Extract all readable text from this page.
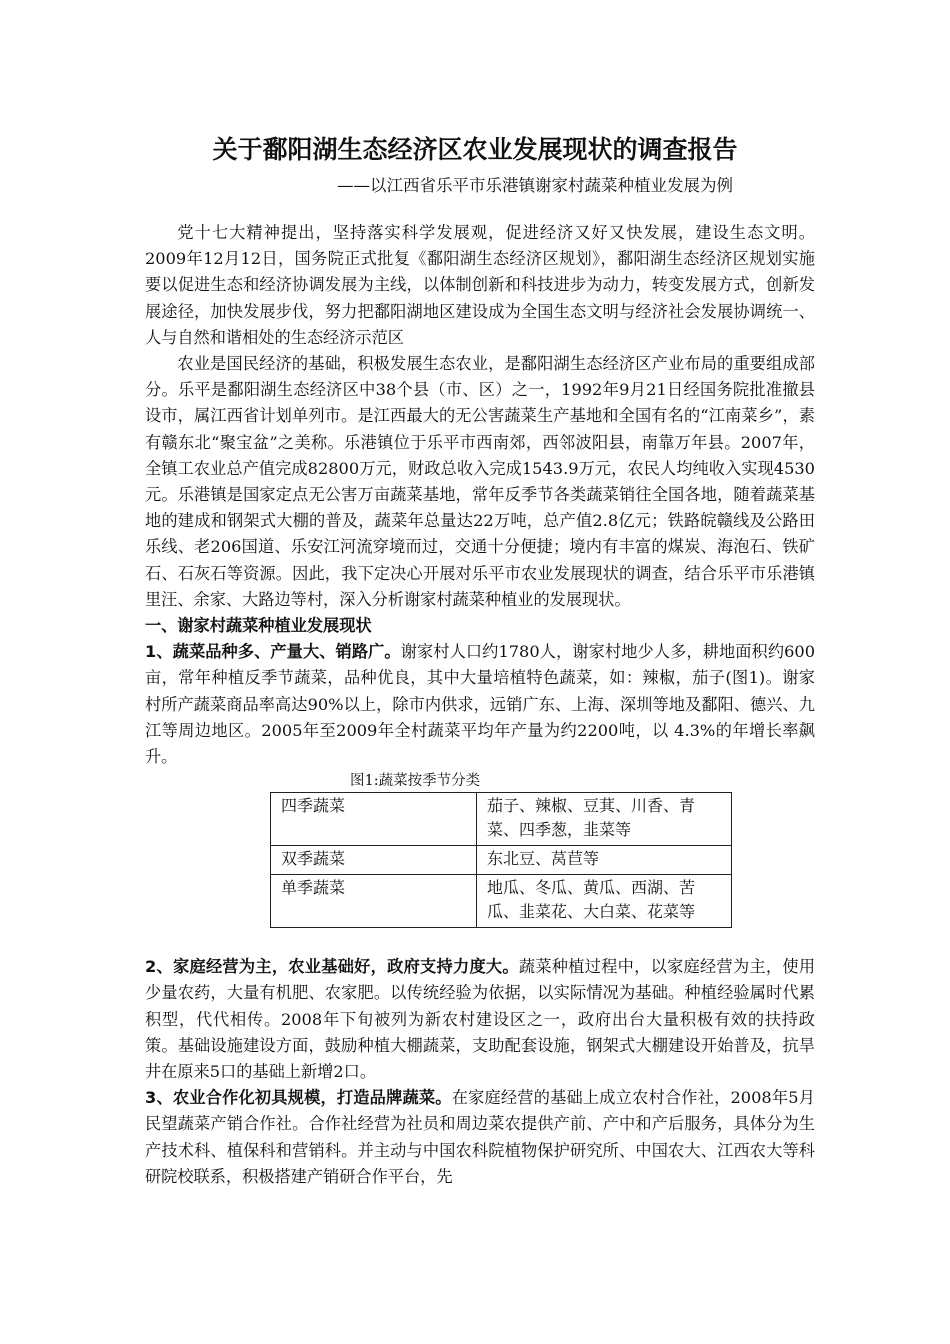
关于鄱阳湖生态经济区农业发展现状的调查报告
——以江西省乐平市乐港镇谢家村蔬菜种植业发展为例

党十七大精神提出，坚持落实科学发展观，促进经济又好又快发展，建设生态文明。2009年12月12日，国务院正式批复《鄱阳湖生态经济区规划》，鄱阳湖生态经济区规划实施要以促进生态和经济协调发展为主线，以体制创新和科技进步为动力，转变发展方式，创新发展途径，加快发展步伐，努力把鄱阳湖地区建设成为全国生态文明与经济社会发展协调统一、人与自然和谐相处的生态经济示范区

农业是国民经济的基础，积极发展生态农业，是鄱阳湖生态经济区产业布局的重要组成部分。乐平是鄱阳湖生态经济区中38个县（市、区）之一，1992年9月21日经国务院批准撤县设市，属江西省计划单列市。是江西最大的无公害蔬菜生产基地和全国有名的“江南菜乡”，素有赣东北“聚宝盆”之美称。乐港镇位于乐平市西南郊，西邻波阳县，南靠万年县。2007年，全镇工农业总产值完成82800万元，财政总收入完成1543.9万元，农民人均纯收入实现4530元。乐港镇是国家定点无公害万亩蔬菜基地，常年反季节各类蔬菜销往全国各地，随着蔬菜基地的建成和钢架式大棚的普及，蔬菜年总量达22万吨，总产值2.8亿元；铁路皖赣线及公路田乐线、老206国道、乐安江河流穿境而过，交通十分便捷；境内有丰富的煤炭、海泡石、铁矿石、石灰石等资源。因此，我下定决心开展对乐平市农业发展现状的调查，结合乐平市乐港镇里汪、余家、大路边等村，深入分析谢家村蔬菜种植业的发展现状。

一、谢家村蔬菜种植业发展现状

1、蔬菜品种多、产量大、销路广。谢家村人口约1780人，谢家村地少人多，耕地面积约600亩，常年种植反季节蔬菜，品种优良，其中大量培植特色蔬菜，如：辣椒，茄子(图1)。谢家村所产蔬菜商品率高达90%以上，除市内供求，远销广东、上海、深圳等地及鄱阳、德兴、九江等周边地区。2005年至2009年全村蔬菜平均年产量为约2200吨，以 4.3%的年增长率飙升。

图1:蔬菜按季节分类

四季蔬菜	茄子、辣椒、豆萁、川香、青菜、四季葱，韭菜等
双季蔬菜	东北豆、莴苣等
单季蔬菜	地瓜、冬瓜、黄瓜、西湖、苦瓜、韭菜花、大白菜、花菜等

2、家庭经营为主，农业基础好，政府支持力度大。蔬菜种植过程中，以家庭经营为主，使用少量农药，大量有机肥、农家肥。以传统经验为依据，以实际情况为基础。种植经验属时代累积型，代代相传。2008年下旬被列为新农村建设区之一，政府出台大量积极有效的扶持政策。基础设施建设方面，鼓励种植大棚蔬菜，支助配套设施，钢架式大棚建设开始普及，抗旱井在原来5口的基础上新增2口。

3、农业合作化初具规模，打造品牌蔬菜。在家庭经营的基础上成立农村合作社，2008年5月民望蔬菜产销合作社。合作社经营为社员和周边菜农提供产前、产中和产后服务，具体分为生产技术科、植保科和营销科。并主动与中国农科院植物保护研究所、中国农大、江西农大等科研院校联系，积极搭建产销研合作平台，先
